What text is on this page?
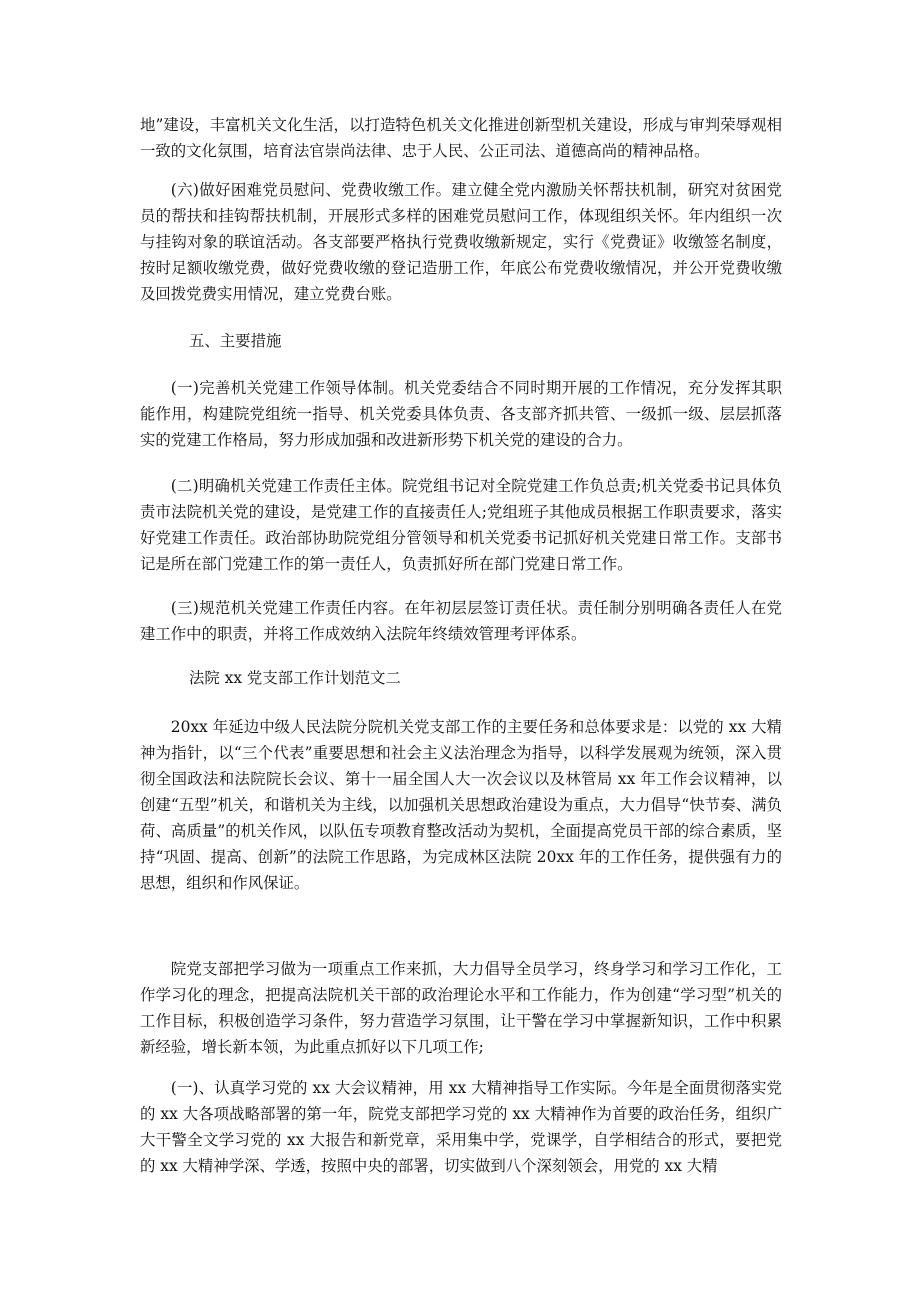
地”建设，丰富机关文化生活，以打造特色机关文化推进创新型机关建设，形成与审判荣辱观相一致的文化氛围，培育法官崇尚法律、忠于人民、公正司法、道德高尚的精神品格。

(六)做好困难党员慰问、党费收缴工作。建立健全党内激励关怀帮扶机制，研究对贫困党员的帮扶和挂钩帮扶机制，开展形式多样的困难党员慰问工作，体现组织关怀。年内组织一次与挂钩对象的联谊活动。各支部要严格执行党费收缴新规定，实行《党费证》收缴签名制度，按时足额收缴党费，做好党费收缴的登记造册工作，年底公布党费收缴情况，并公开党费收缴及回拨党费实用情况，建立党费台账。

五、主要措施

(一)完善机关党建工作领导体制。机关党委结合不同时期开展的工作情况，充分发挥其职能作用，构建院党组统一指导、机关党委具体负责、各支部齐抓共管、一级抓一级、层层抓落实的党建工作格局，努力形成加强和改进新形势下机关党的建设的合力。

(二)明确机关党建工作责任主体。院党组书记对全院党建工作负总责;机关党委书记具体负责市法院机关党的建设，是党建工作的直接责任人;党组班子其他成员根据工作职责要求，落实好党建工作责任。政治部协助院党组分管领导和机关党委书记抓好机关党建日常工作。支部书记是所在部门党建工作的第一责任人，负责抓好所在部门党建日常工作。

(三)规范机关党建工作责任内容。在年初层层签订责任状。责任制分别明确各责任人在党建工作中的职责，并将工作成效纳入法院年终绩效管理考评体系。

法院 xx 党支部工作计划范文二

20xx 年延边中级人民法院分院机关党支部工作的主要任务和总体要求是：以党的 xx 大精神为指针，以“三个代表”重要思想和社会主义法治理念为指导，以科学发展观为统领，深入贯彻全国政法和法院院长会议、第十一届全国人大一次会议以及林管局 xx 年工作会议精神，以创建“五型”机关，和谐机关为主线，以加强机关思想政治建设为重点，大力倡导“快节奏、满负荷、高质量”的机关作风，以队伍专项教育整改活动为契机，全面提高党员干部的综合素质，坚持“巩固、提高、创新”的法院工作思路，为完成林区法院 20xx 年的工作任务，提供强有力的思想，组织和作风保证。

院党支部把学习做为一项重点工作来抓，大力倡导全员学习，终身学习和学习工作化，工作学习化的理念，把提高法院机关干部的政治理论水平和工作能力，作为创建“学习型”机关的工作目标，积极创造学习条件，努力营造学习氛围，让干警在学习中掌握新知识，工作中积累新经验，增长新本领，为此重点抓好以下几项工作;

(一)、认真学习党的 xx 大会议精神，用 xx 大精神指导工作实际。今年是全面贯彻落实党的 xx 大各项战略部署的第一年，院党支部把学习党的 xx 大精神作为首要的政治任务，组织广大干警全文学习党的 xx 大报告和新党章，采用集中学，党课学，自学相结合的形式，要把党的 xx 大精神学深、学透，按照中央的部署，切实做到八个深刻领会，用党的 xx 大精
